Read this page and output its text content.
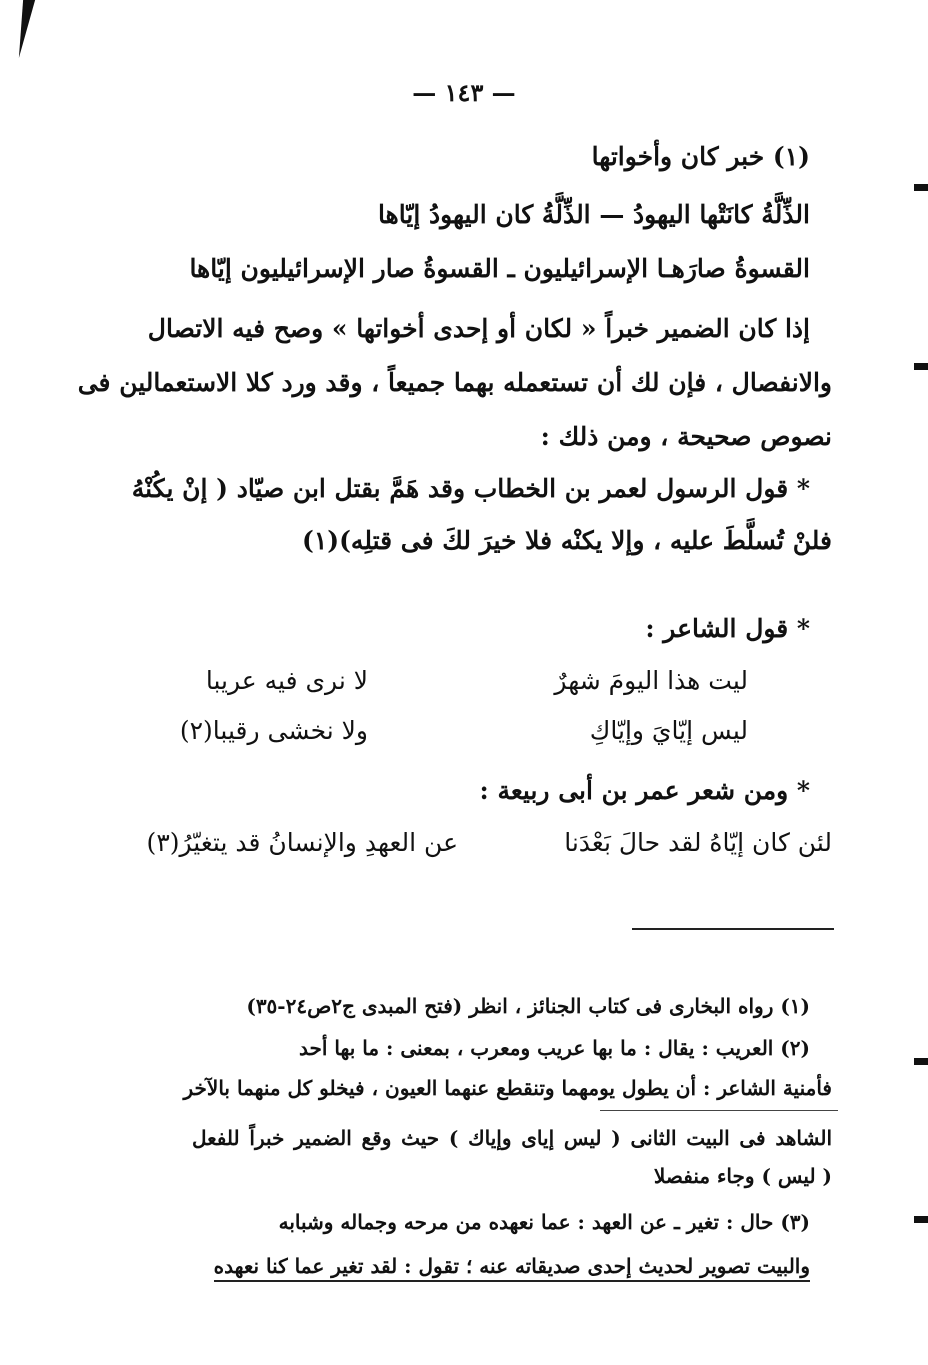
— ١٤٣ —
(١) خبر كان وأخواتها
الذِّلَّةُ كانَتْها اليهودُ — الذِّلَّةُ كان اليهودُ إيّاها
القسوةُ صارَهـا الإسرائيليون ـ القسوةُ صار الإسرائيليون إيّاها
إذا كان الضمير خبراً « لكان أو إحدى أخواتها » وصح فيه الاتصال
والانفصال ، فإن لك أن تستعمله بهما جميعاً ، وقد ورد كلا الاستعمالين فى
نصوص صحيحة ، ومن ذلك :
* قول الرسول لعمر بن الخطاب وقد هَمَّ بقتل ابن صيّاد ( إنْ يكُنْهُ
فلنْ تُسلَّطَ عليه ، وإلا يكنْه فلا خيرَ لكَ فى قتلِه)(١)
* قول الشاعر :
ليت هذا اليومَ شهرٌ
لا نرى فيه عريبا
ليس إيّايَ وإيّاكِ
ولا نخشى رقيبا(٢)
* ومن شعر عمر بن أبى ربيعة :
لئن كان إيّاهُ لقد حالَ بَعْدَنا
عن العهدِ والإنسانُ قد يتغيّرُ(٣)
(١) رواه البخارى فى كتاب الجنائز ، انظر (فتح المبدى ج٢ص٢٤-٣٥)
(٢) العريب : يقال : ما بها عريب ومعرب ، بمعنى : ما بها أحد
فأمنية الشاعر : أن يطول يومهما وتنقطع عنهما العيون ، فيخلو كل منهما بالآخر
الشاهد فى البيت الثانى ( ليس إياى وإياك ) حيث وقع الضمير خبراً للفعل
( ليس ) وجاء منفصلا
(٣) حال : تغير ـ عن العهد : عما نعهده من مرحه وجماله وشبابه
والبيت تصوير لحديث إحدى صديقاته عنه ؛ تقول : لقد تغير عما كنا نعهده
